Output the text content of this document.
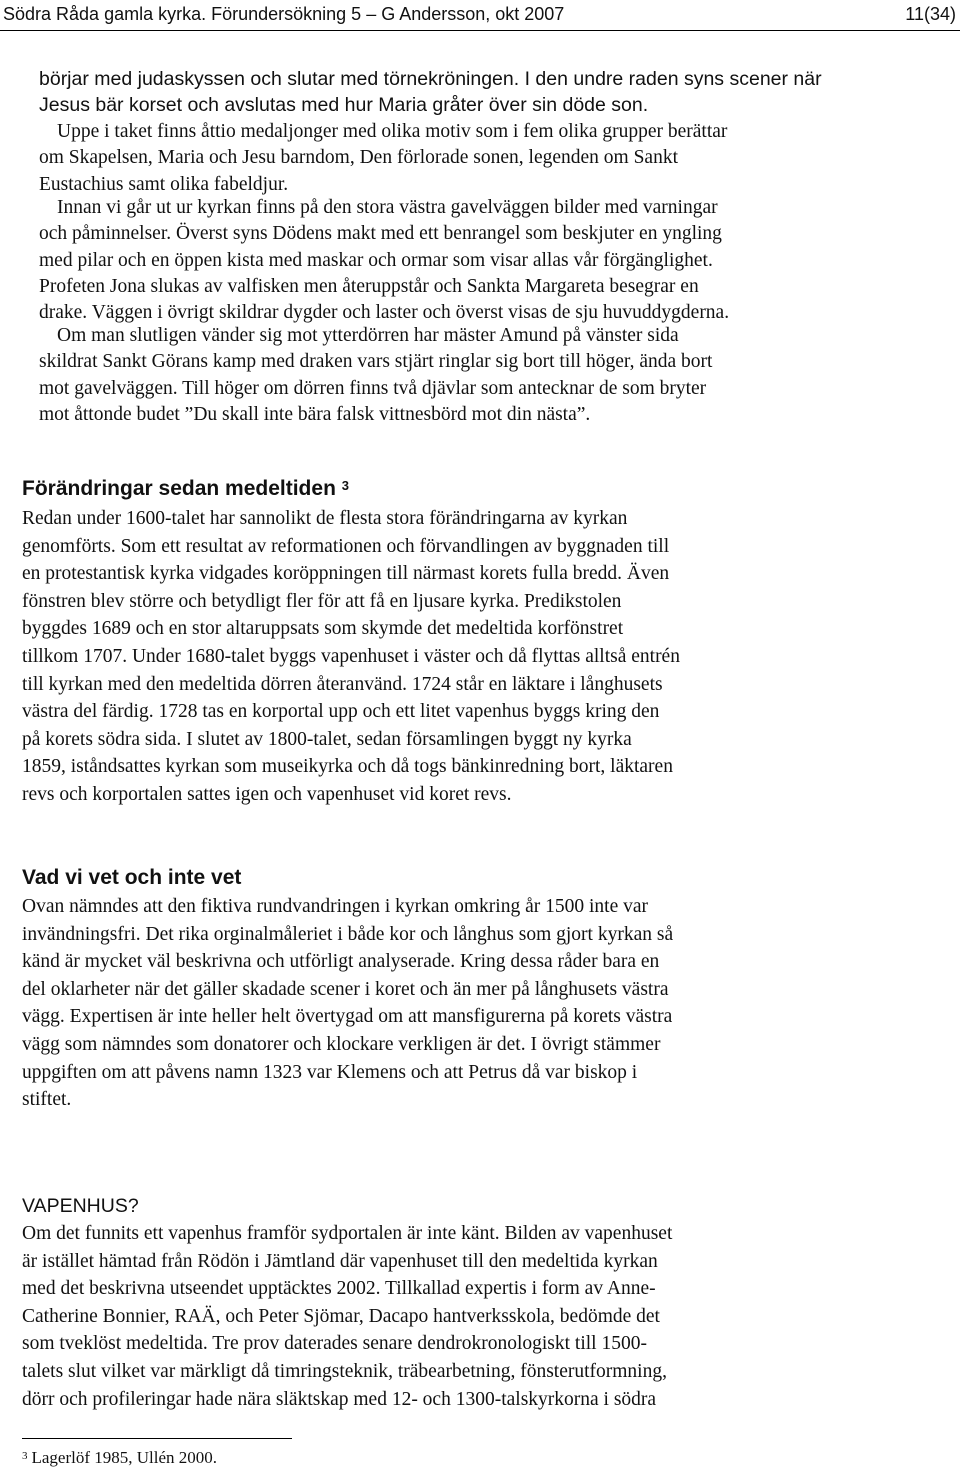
Södra Råda gamla kyrka. Förundersökning 5 – G Andersson, okt 2007	11(34)
börjar med judaskyssen och slutar med törnekröningen. I den undre raden syns scener när
Jesus bär korset och avslutas med hur Maria gråter över sin döde son.
Uppe i taket finns åttio medaljonger med olika motiv som i fem olika grupper berättar
om Skapelsen, Maria och Jesu barndom, Den förlorade sonen, legenden om Sankt
Eustachius samt olika fabeldjur.
Innan vi går ut ur kyrkan finns på den stora västra gavelväggen bilder med varningar
och påminnelser. Överst syns Dödens makt med ett benrangel som beskjuter en yngling
med pilar och en öppen kista med maskar och ormar som visar allas vår förgänglighet.
Profeten Jona slukas av valfisken men återuppstår och Sankta Margareta besegrar en
drake. Väggen i övrigt skildrar dygder och laster och överst visas de sju huvuddygderna.
Om man slutligen vänder sig mot ytterdörren har mäster Amund på vänster sida
skildrat Sankt Görans kamp med draken vars stjärt ringlar sig bort till höger, ända bort
mot gavelväggen. Till höger om dörren finns två djävlar som antecknar de som bryter
mot åttonde budet ”Du skall inte bära falsk vittnesbörd mot din nästa”.
Förändringar sedan medeltiden $^3$
Redan under 1600-talet har sannolikt de flesta stora förändringarna av kyrkan
genomförts. Som ett resultat av reformationen och förvandlingen av byggnaden till
en protestantisk kyrka vidgades koröppningen till närmast korets fulla bredd. Även
fönstren blev större och betydligt fler för att få en ljusare kyrka. Predikstolen
byggdes 1689 och en stor altaruppsats som skymde det medeltida korfönstret
tillkom 1707. Under 1680-talet byggs vapenhuset i väster och då flyttas alltså entrén
till kyrkan med den medeltida dörren återanvänd. 1724 står en läktare i långhusets
västra del färdig. 1728 tas en korportal upp och ett litet vapenhus byggs kring den
på korets södra sida. I slutet av 1800-talet, sedan församlingen byggt ny kyrka
1859, iståndsattes kyrkan som museikyrka och då togs bänkinredning bort, läktaren
revs och korportalen sattes igen och vapenhuset vid koret revs.
Vad vi vet och inte vet
Ovan nämndes att den fiktiva rundvandringen i kyrkan omkring år 1500 inte var
invändningsfri. Det rika orginalmåleriet i både kor och långhus som gjort kyrkan så
känd är mycket väl beskrivna och utförligt analyserade. Kring dessa råder bara en
del oklarheter när det gäller skadade scener i koret och än mer på långhusets västra
vägg. Expertisen är inte heller helt övertygad om att mansfigurerna på korets västra
vägg som nämndes som donatorer och klockare verkligen är det. I övrigt stämmer
uppgiften om att påvens namn 1323 var Klemens och att Petrus då var biskop i
stiftet.
VAPENHUS?
Om det funnits ett vapenhus framför sydportalen är inte känt. Bilden av vapenhuset
är istället hämtad från Rödön i Jämtland där vapenhuset till den medeltida kyrkan
med det beskrivna utseendet upptäcktes 2002. Tillkallad expertis i form av Anne-
Catherine Bonnier, RAÄ, och Peter Sjömar, Dacapo hantverksskola, bedömde det
som tveklöst medeltida. Tre prov daterades senare dendrokronologiskt till 1500-
talets slut vilket var märkligt då timringsteknik, träbearbetning, fönsterutformning,
dörr och profileringar hade nära släktskap med 12- och 1300-talskyrkorna i södra
$^3$ Lagerlöf 1985, Ullén 2000.
